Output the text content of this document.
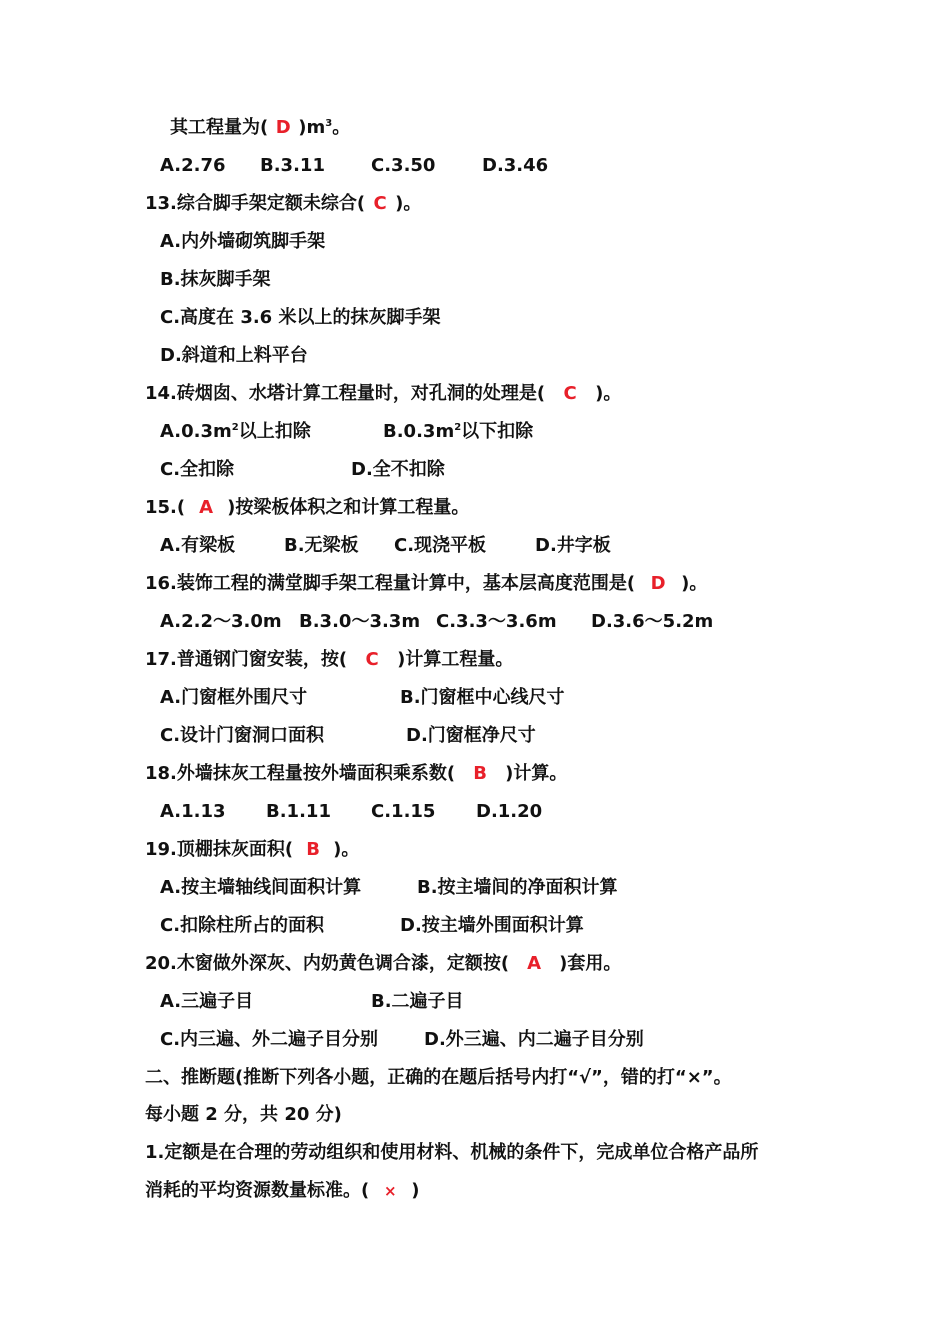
其工程量为( D )$m^3$。
A.2.76 B.3.11	C.3.50	D.3.46
13.综合脚手架定额未综合( C )。
A.内外墙砌筑脚手架
B.抹灰脚手架
C.高度在 3.6 米以上的抹灰脚手架
D.斜道和上料平台
14.砖烟囱、水塔计算工程量时，对孔洞的处理是( C )。
$A.0.3m^2$以上扣除	$B.0.3m^2$以下扣除
C.全扣除	D.全不扣除
15.( A )按梁板体积之和计算工程量。
A.有梁板	B.无梁板 C.现浇平板	D.井字板
16.装饰工程的满堂脚手架工程量计算中，基本层高度范围是( D )。
A.2.2～3.0m B.3.0～3.3m C.3.3～3.6m D.3.6～5.2m
17.普通钢门窗安装，按( C )计算工程量。
A.门窗框外围尺寸	B.门窗框中心线尺寸
C.设计门窗洞口面积	D.门窗框净尺寸
18.外墙抹灰工程量按外墙面积乘系数( B )计算。
A.1.13 B.1.11 C.1.15 D.1.20
19.顶棚抹灰面积( B )。
A.按主墙轴线间面积计算	B.按主墙间的净面积计算
C.扣除柱所占的面积	D.按主墙外围面积计算
20.木窗做外深灰、内奶黄色调合漆，定额按( A )套用。
A.三遍子目	B.二遍子目
C.内三遍、外二遍子目分别	D.外三遍、内二遍子目分别
二、推断题(推断下列各小题，正确的在题后括号内打“√”，错的打“×”。
每小题 2 分，共 20 分)
1.定额是在合理的劳动组织和使用材料、机械的条件下，完成单位合格产品所
消耗的平均资源数量标准。( × )
